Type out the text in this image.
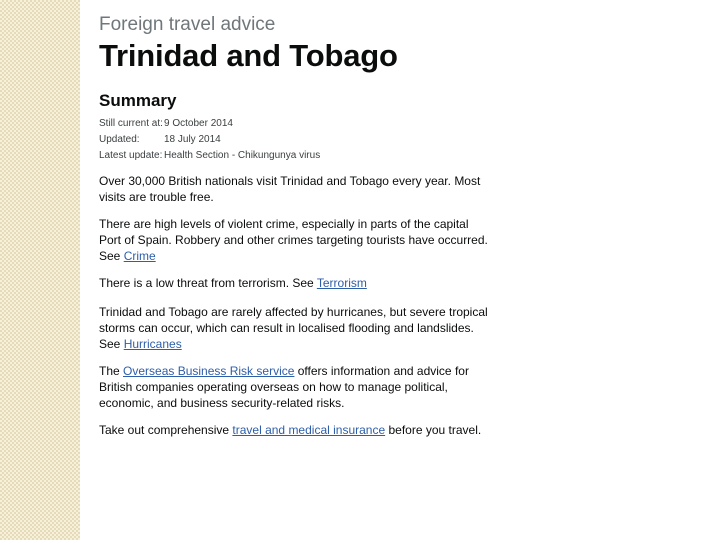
Foreign travel advice
Trinidad and Tobago
Summary
Still current at: 9 October 2014
Updated:	18 July 2014
Latest update: Health Section - Chikungunya virus

Over 30,000 British nationals visit Trinidad and Tobago every year. Most visits are trouble free.

There are high levels of violent crime, especially in parts of the capital Port of Spain. Robbery and other crimes targeting tourists have occurred. See Crime

There is a low threat from terrorism. See Terrorism

Trinidad and Tobago are rarely affected by hurricanes, but severe tropical storms can occur, which can result in localised flooding and landslides. See Hurricanes

The Overseas Business Risk service offers information and advice for British companies operating overseas on how to manage political, economic, and business security-related risks.

Take out comprehensive travel and medical insurance before you travel.
